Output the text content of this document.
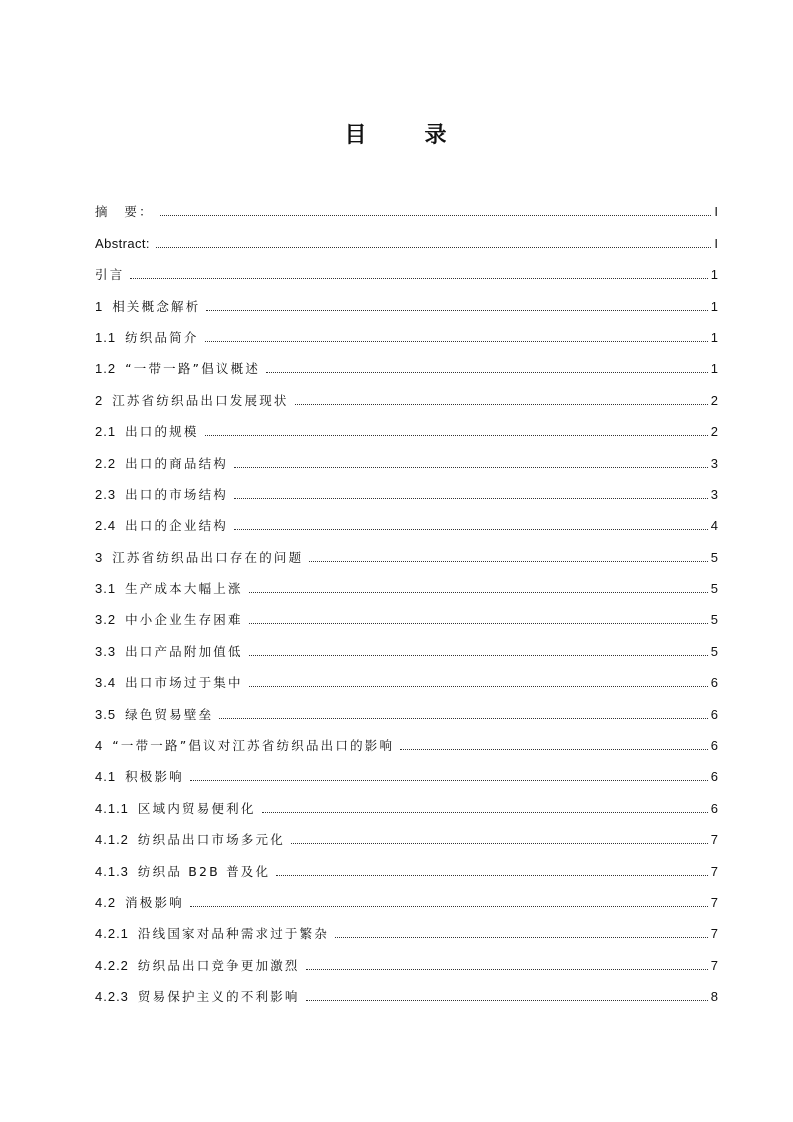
目	录
摘　要：	I
Abstract:	I
引言	1
1 相关概念解析	1
1.1 纺织品简介	1
1.2 “一带一路”倡议概述	1
2 江苏省纺织品出口发展现状	2
2.1 出口的规模	2
2.2 出口的商品结构	3
2.3 出口的市场结构	3
2.4 出口的企业结构	4
3 江苏省纺织品出口存在的问题	5
3.1 生产成本大幅上涨	5
3.2 中小企业生存困难	5
3.3 出口产品附加值低	5
3.4 出口市场过于集中	6
3.5 绿色贸易壁垒	6
4 “一带一路”倡议对江苏省纺织品出口的影响	6
4.1 积极影响	6
4.1.1 区域内贸易便利化	6
4.1.2 纺织品出口市场多元化	7
4.1.3 纺织品 B2B 普及化	7
4.2 消极影响	7
4.2.1 沿线国家对品种需求过于繁杂	7
4.2.2 纺织品出口竞争更加激烈	7
4.2.3 贸易保护主义的不利影响	8
